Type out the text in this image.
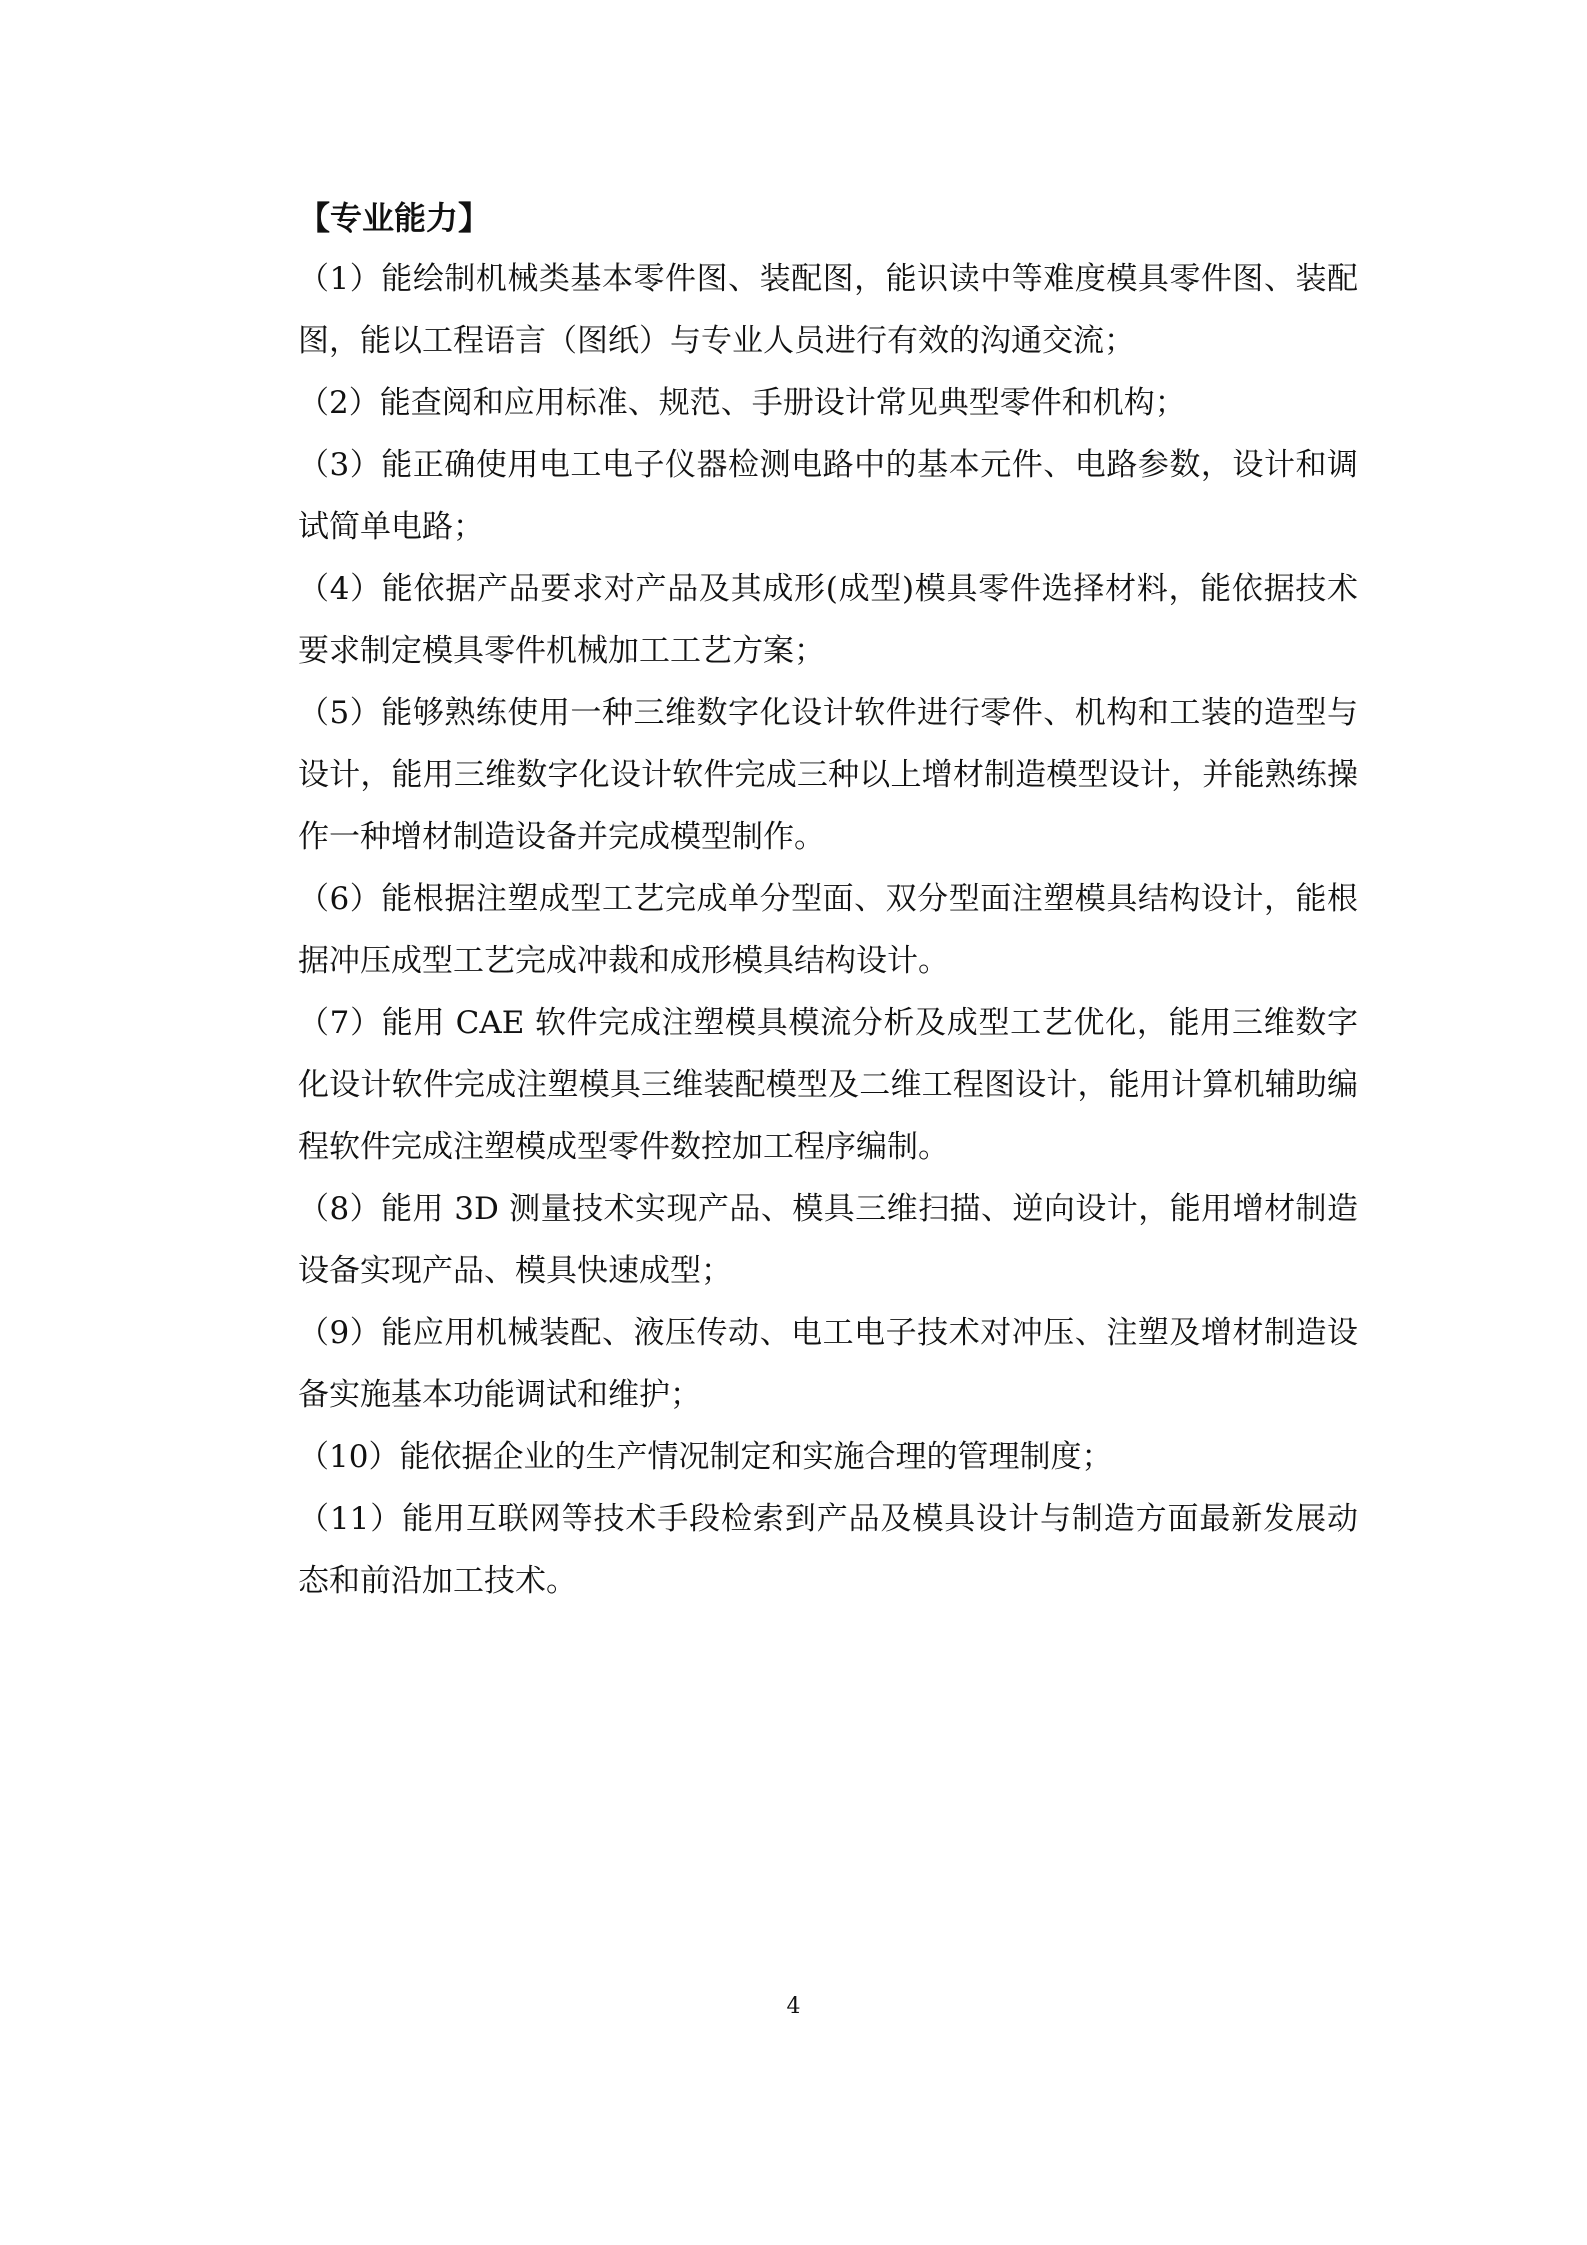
【专业能力】

（1）能绘制机械类基本零件图、装配图，能识读中等难度模具零件图、装配图，能以工程语言（图纸）与专业人员进行有效的沟通交流；

（2）能查阅和应用标准、规范、手册设计常见典型零件和机构；

（3）能正确使用电工电子仪器检测电路中的基本元件、电路参数，设计和调试简单电路；

（4）能依据产品要求对产品及其成形(成型)模具零件选择材料，能依据技术要求制定模具零件机械加工工艺方案；

（5）能够熟练使用一种三维数字化设计软件进行零件、机构和工装的造型与设计，能用三维数字化设计软件完成三种以上增材制造模型设计，并能熟练操作一种增材制造设备并完成模型制作。

（6）能根据注塑成型工艺完成单分型面、双分型面注塑模具结构设计，能根据冲压成型工艺完成冲裁和成形模具结构设计。

（7）能用 CAE 软件完成注塑模具模流分析及成型工艺优化，能用三维数字化设计软件完成注塑模具三维装配模型及二维工程图设计，能用计算机辅助编程软件完成注塑模成型零件数控加工程序编制。

（8）能用 3D 测量技术实现产品、模具三维扫描、逆向设计，能用增材制造设备实现产品、模具快速成型；

（9）能应用机械装配、液压传动、电工电子技术对冲压、注塑及增材制造设备实施基本功能调试和维护；

（10）能依据企业的生产情况制定和实施合理的管理制度；

（11）能用互联网等技术手段检索到产品及模具设计与制造方面最新发展动态和前沿加工技术。

4
